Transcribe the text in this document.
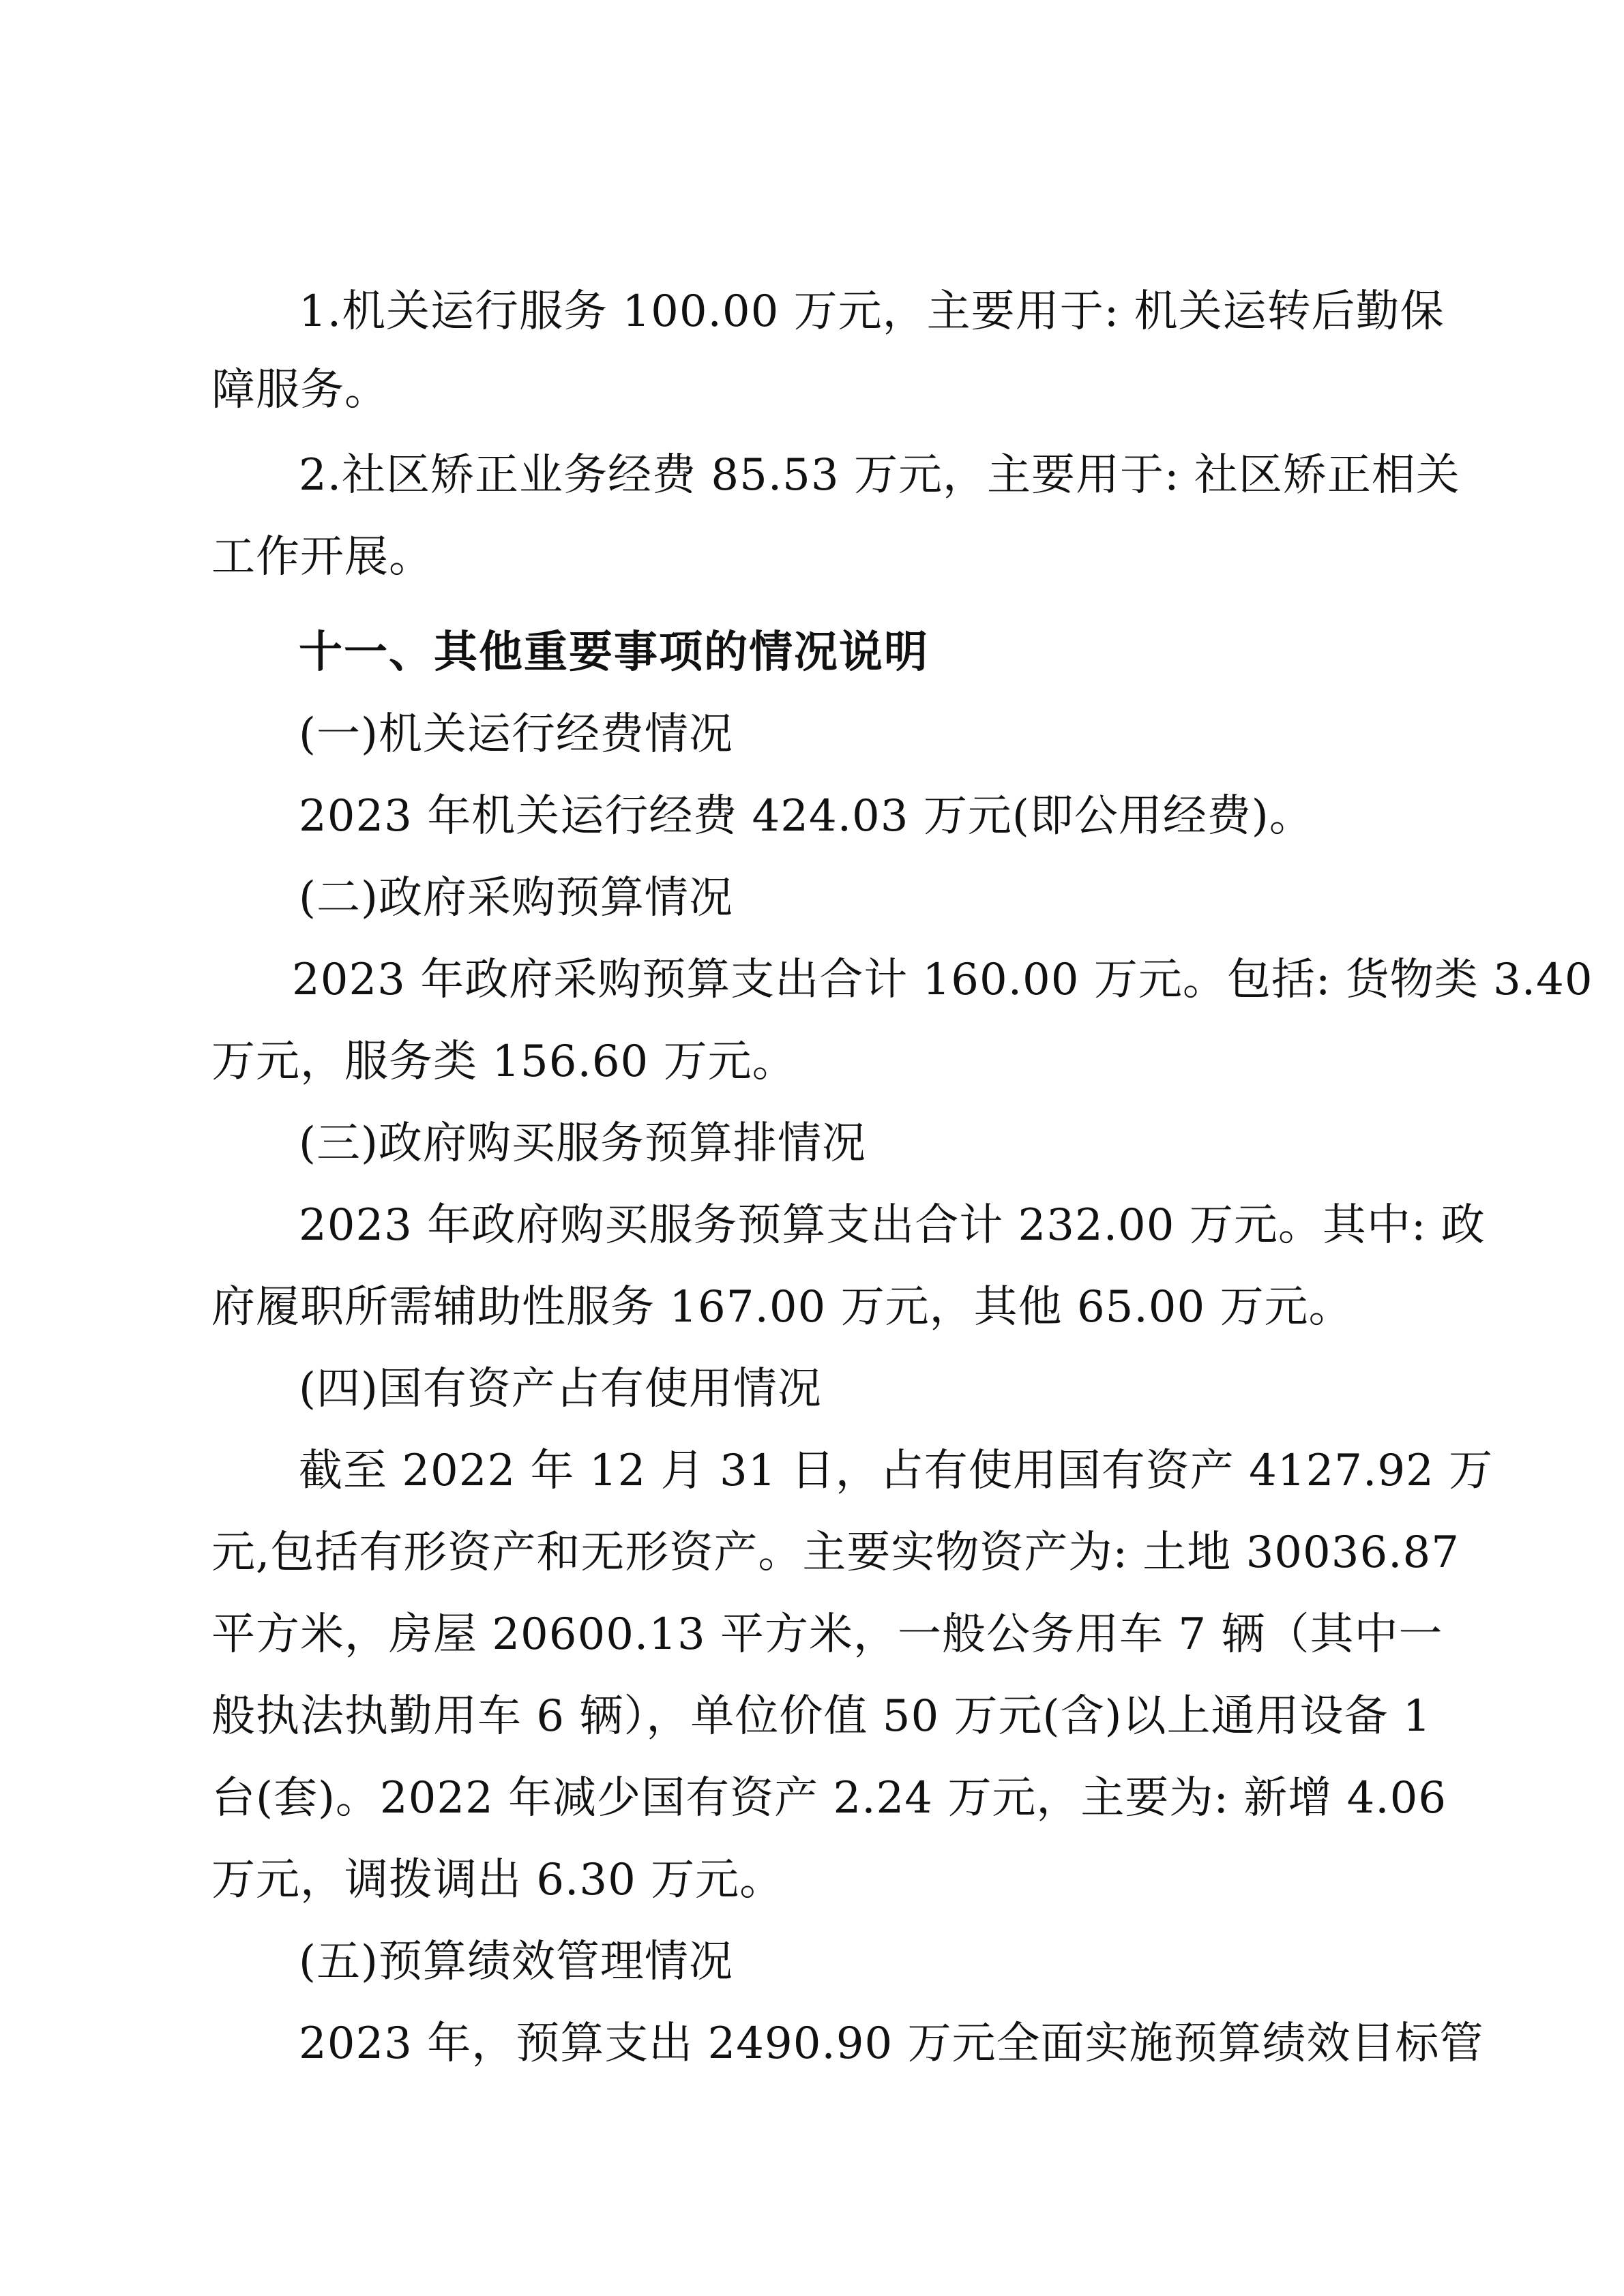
1.机关运行服务 100.00 万元，主要用于: 机关运转后勤保
障服务。
2.社区矫正业务经费 85.53 万元，主要用于: 社区矫正相关
工作开展。
十一、其他重要事项的情况说明
(一)机关运行经费情况
2023 年机关运行经费 424.03 万元(即公用经费)。
(二)政府采购预算情况
2023 年政府采购预算支出合计 160.00 万元。包括: 货物类 3.40
万元，服务类 156.60 万元。
(三)政府购买服务预算排情况
2023 年政府购买服务预算支出合计 232.00 万元。其中: 政
府履职所需辅助性服务 167.00 万元，其他 65.00 万元。
(四)国有资产占有使用情况
截至 2022 年 12 月 31 日，占有使用国有资产 4127.92 万
元,包括有形资产和无形资产。主要实物资产为: 土地 30036.87
平方米，房屋 20600.13 平方米，一般公务用车 7 辆（其中一
般执法执勤用车 6 辆），单位价值 50 万元(含)以上通用设备 1
台(套)。2022 年减少国有资产 2.24 万元，主要为: 新增 4.06
万元，调拨调出 6.30 万元。
(五)预算绩效管理情况
2023 年，预算支出 2490.90 万元全面实施预算绩效目标管
